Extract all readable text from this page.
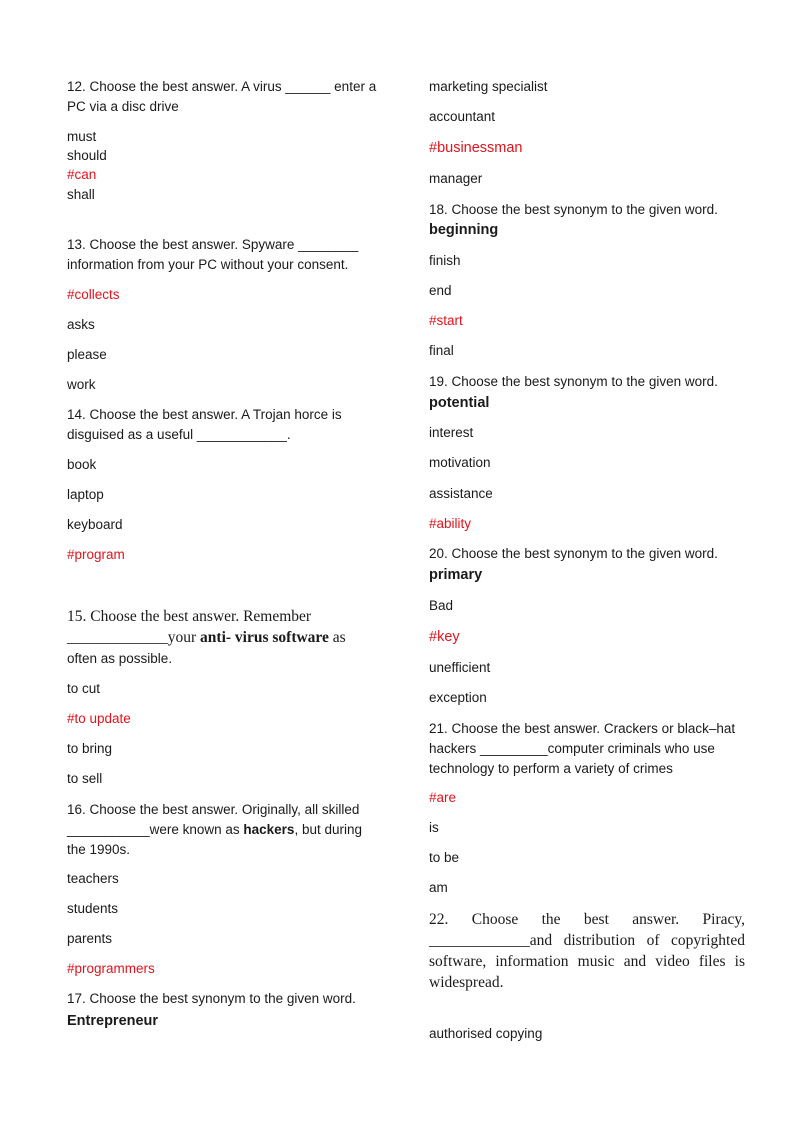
12. Choose the best answer. A virus ______ enter a PC via a disc drive
must
should
#can
shall
13. Choose the best answer. Spyware ________ information from your PC without your consent.
#collects
asks
please
work
14. Choose the best answer. A Trojan horce is disguised as a useful ____________.
book
laptop
keyboard
#program
15. Choose the best answer. Remember _____________your anti- virus software as
often as possible.
to cut
#to update
to bring
to sell
16. Choose the best answer. Originally, all skilled ___________were known as hackers, but during the 1990s.
teachers
students
parents
#programmers
17. Choose the best synonym to the given word.
Entrepreneur
marketing specialist
accountant
#businessman
manager
18. Choose the best synonym to the given word.
beginning
finish
end
#start
final
19. Choose the best synonym to the given word.
potential
interest
motivation
assistance
#ability
20. Choose the best synonym to the given word.
primary
Bad
#key
unefficient
exception
21. Choose the best answer. Crackers or black–hat hackers _________computer criminals who use technology to perform a variety of crimes
#are
is
to be
am
22. Choose the best answer. Piracy, _____________and distribution of copyrighted software, information music and video files is widespread.
authorised copying
